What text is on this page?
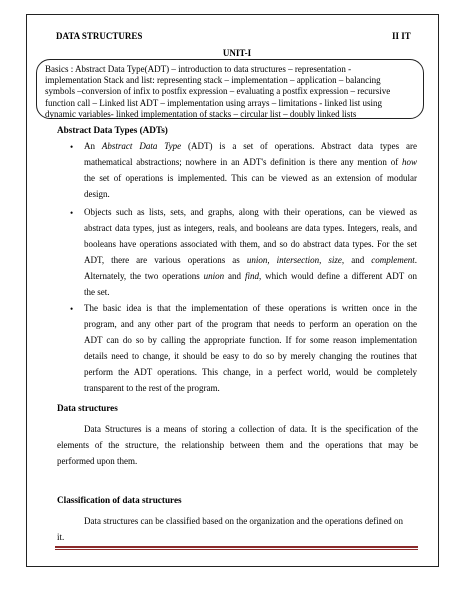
DATA STRUCTURES	II IT
UNIT-I
Basics : Abstract Data Type(ADT) – introduction to data structures – representation -
implementation Stack and list: representing stack – implementation – application – balancing
symbols –conversion of infix to postfix expression – evaluating a postfix expression – recursive
function call – Linked list ADT – implementation using arrays – limitations - linked list using
dynamic variables- linked implementation of stacks – circular list – doubly linked lists
Abstract Data Types (ADTs)
• An Abstract Data Type (ADT) is a set of operations. Abstract data types are
mathematical abstractions; nowhere in an ADT's definition is there any mention of how
the set of operations is implemented. This can be viewed as an extension of modular
design.
• Objects such as lists, sets, and graphs, along with their operations, can be viewed as
abstract data types, just as integers, reals, and booleans are data types. Integers, reals, and
booleans have operations associated with them, and so do abstract data types. For the set
ADT, there are various operations as union, intersection, size, and complement.
Alternately, the two operations union and find, which would define a different ADT on
the set.
• The basic idea is that the implementation of these operations is written once in the
program, and any other part of the program that needs to perform an operation on the
ADT can do so by calling the appropriate function. If for some reason implementation
details need to change, it should be easy to do so by merely changing the routines that
perform the ADT operations. This change, in a perfect world, would be completely
transparent to the rest of the program.
Data structures
Data Structures is a means of storing a collection of data. It is the specification of the
elements of the structure, the relationship between them and the operations that may be
performed upon them.
Classification of data structures
Data structures can be classified based on the organization and the operations defined on
it.
